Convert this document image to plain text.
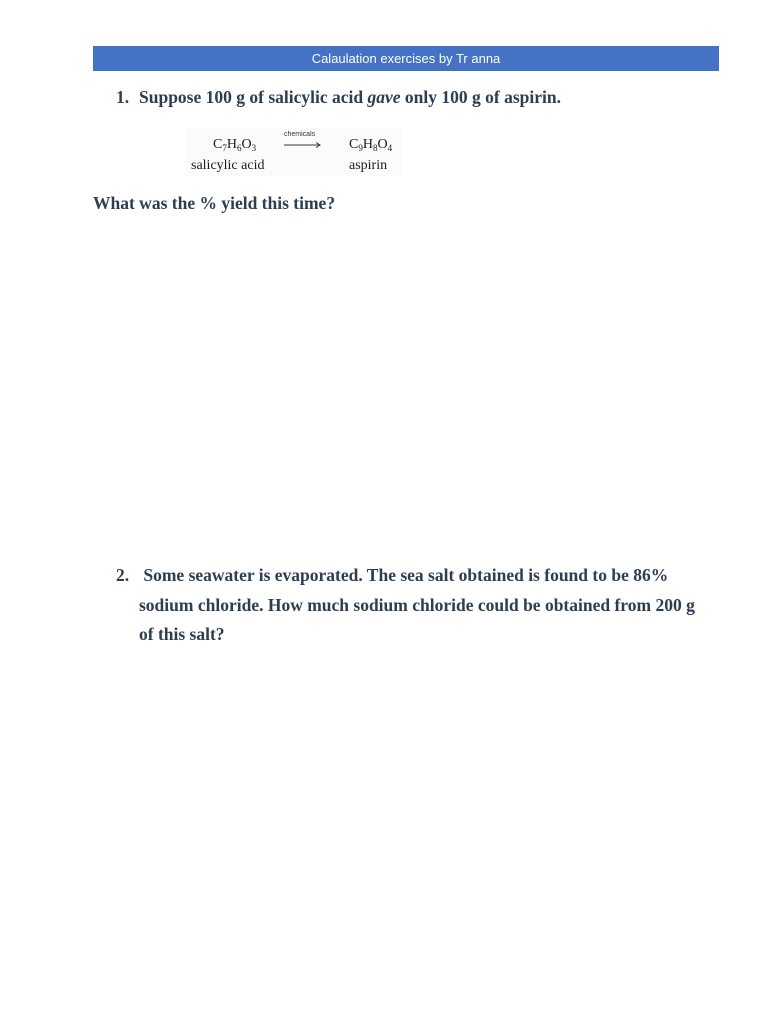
Calaulation exercises by Tr anna
1. Suppose 100 g of salicylic acid gave only 100 g of aspirin.
$C_7H_6O_3$
chemicals
$C_9H_8O_4$
salicylic acid	aspirin
What was the % yield this time?
2. Some seawater is evaporated. The sea salt obtained is found to be 86%
sodium chloride. How much sodium chloride could be obtained from 200 g
of this salt?
